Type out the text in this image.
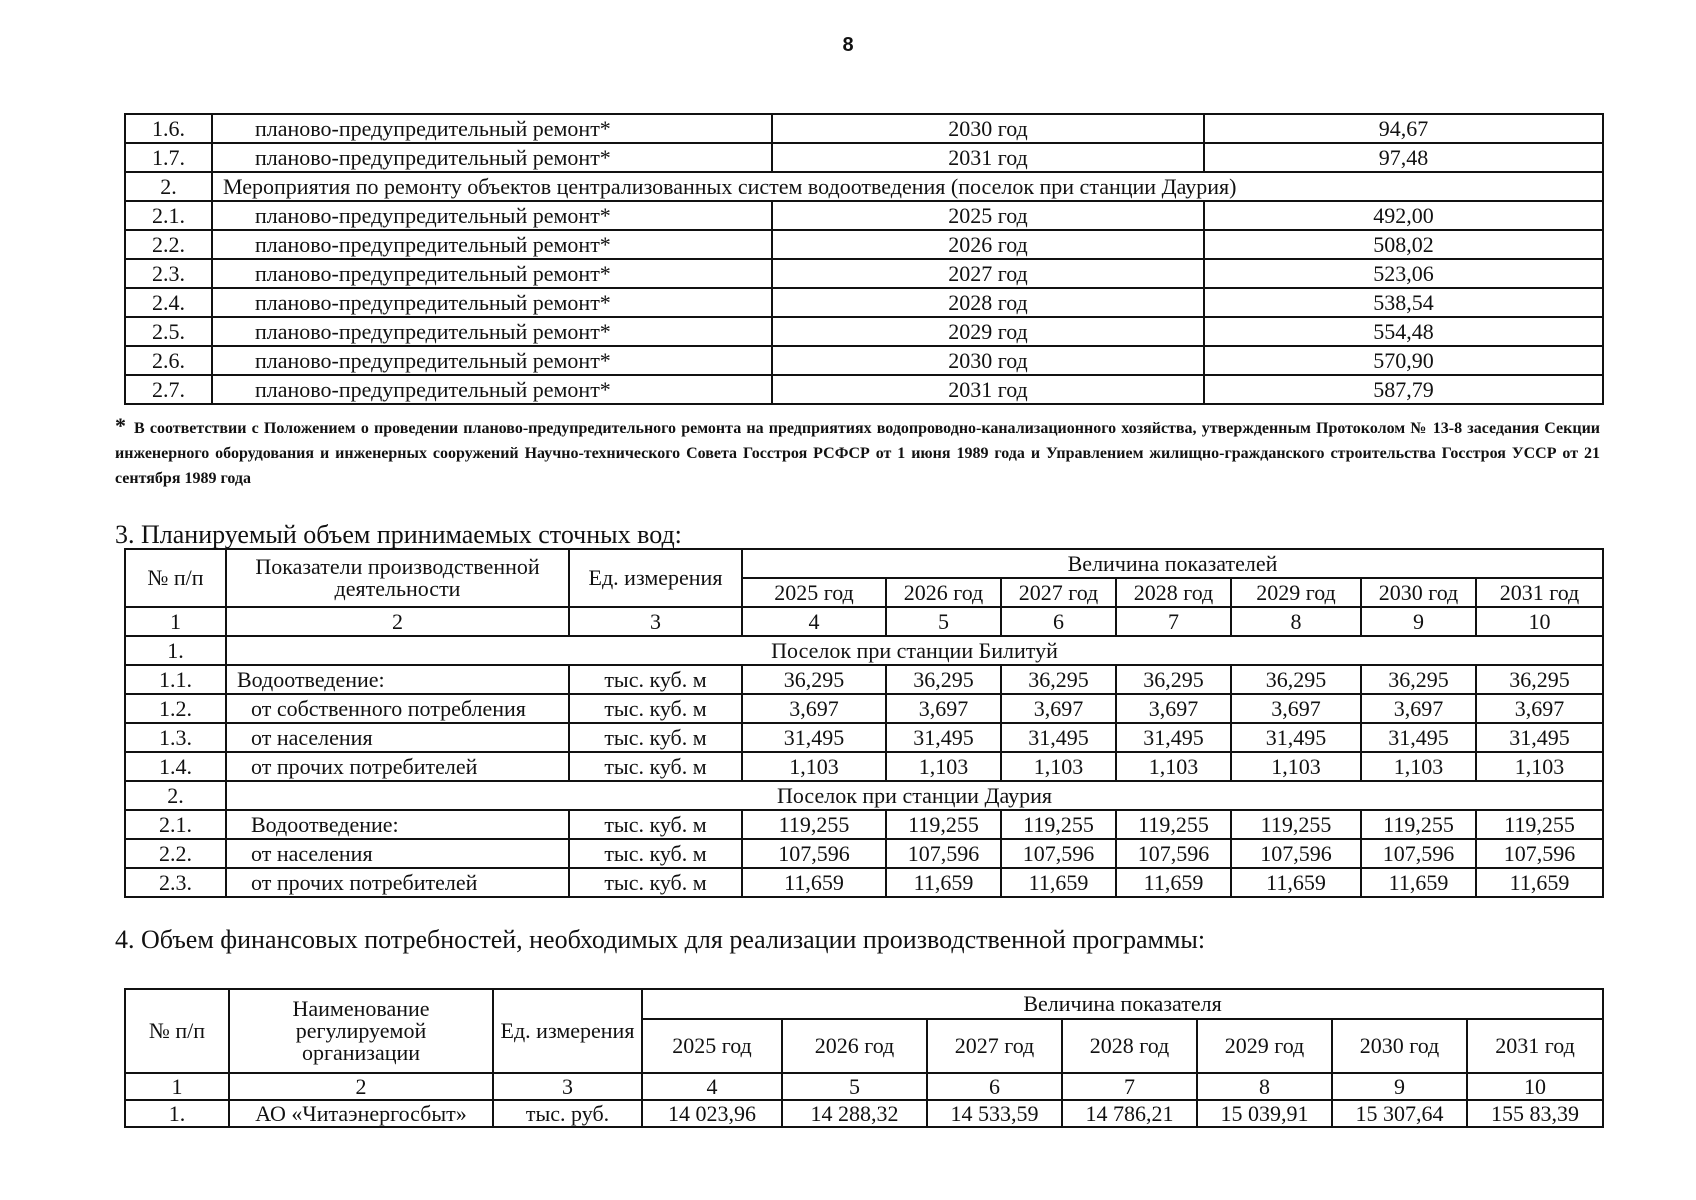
8
1.6.	планово-предупредительный ремонт*	2030 год	94,67
1.7.	планово-предупредительный ремонт*	2031 год	97,48
2.	Мероприятия по ремонту объектов централизованных систем водоотведения (поселок при станции Даурия)		
2.1.	планово-предупредительный ремонт*	2025 год	492,00
2.2.	планово-предупредительный ремонт*	2026 год	508,02
2.3.	планово-предупредительный ремонт*	2027 год	523,06
2.4.	планово-предупредительный ремонт*	2028 год	538,54
2.5.	планово-предупредительный ремонт*	2029 год	554,48
2.6.	планово-предупредительный ремонт*	2030 год	570,90
2.7.	планово-предупредительный ремонт*	2031 год	587,79
* В соответствии с Положением о проведении планово-предупредительного ремонта на предприятиях водопроводно-канализационного хозяйства, утвержденным Протоколом № 13-8 заседания Секции инженерного оборудования и инженерных сооружений Научно-технического Совета Госстроя РСФСР от 1 июня 1989 года и Управлением жилищно-гражданского строительства Госстроя УССР от 21 сентября 1989 года
3. Планируемый объем принимаемых сточных вод:
№ п/п	Показатели производственной деятельности	Ед. измерения	Величина показателей						
			2025 год	2026 год	2027 год	2028 год	2029 год	2030 год	2031 год
1	2	3	4	5	6	7	8	9	10
1.	Поселок при станции Билитуй								
1.1.	Водоотведение:	тыс. куб. м	36,295	36,295	36,295	36,295	36,295	36,295	36,295
1.2.	от собственного потребления	тыс. куб. м	3,697	3,697	3,697	3,697	3,697	3,697	3,697
1.3.	от населения	тыс. куб. м	31,495	31,495	31,495	31,495	31,495	31,495	31,495
1.4.	от прочих потребителей	тыс. куб. м	1,103	1,103	1,103	1,103	1,103	1,103	1,103
2.	Поселок при станции Даурия								
2.1.	Водоотведение:	тыс. куб. м	119,255	119,255	119,255	119,255	119,255	119,255	119,255
2.2.	от населения	тыс. куб. м	107,596	107,596	107,596	107,596	107,596	107,596	107,596
2.3.	от прочих потребителей	тыс. куб. м	11,659	11,659	11,659	11,659	11,659	11,659	11,659
4. Объем финансовых потребностей, необходимых для реализации производственной программы:
№ п/п	Наименование регулируемой организации	Ед. измерения	Величина показателя						
			2025 год	2026 год	2027 год	2028 год	2029 год	2030 год	2031 год
1	2	3	4	5	6	7	8	9	10
1.	АО «Читаэнергосбыт»	тыс. руб.	14 023,96	14 288,32	14 533,59	14 786,21	15 039,91	15 307,64	155 83,39
